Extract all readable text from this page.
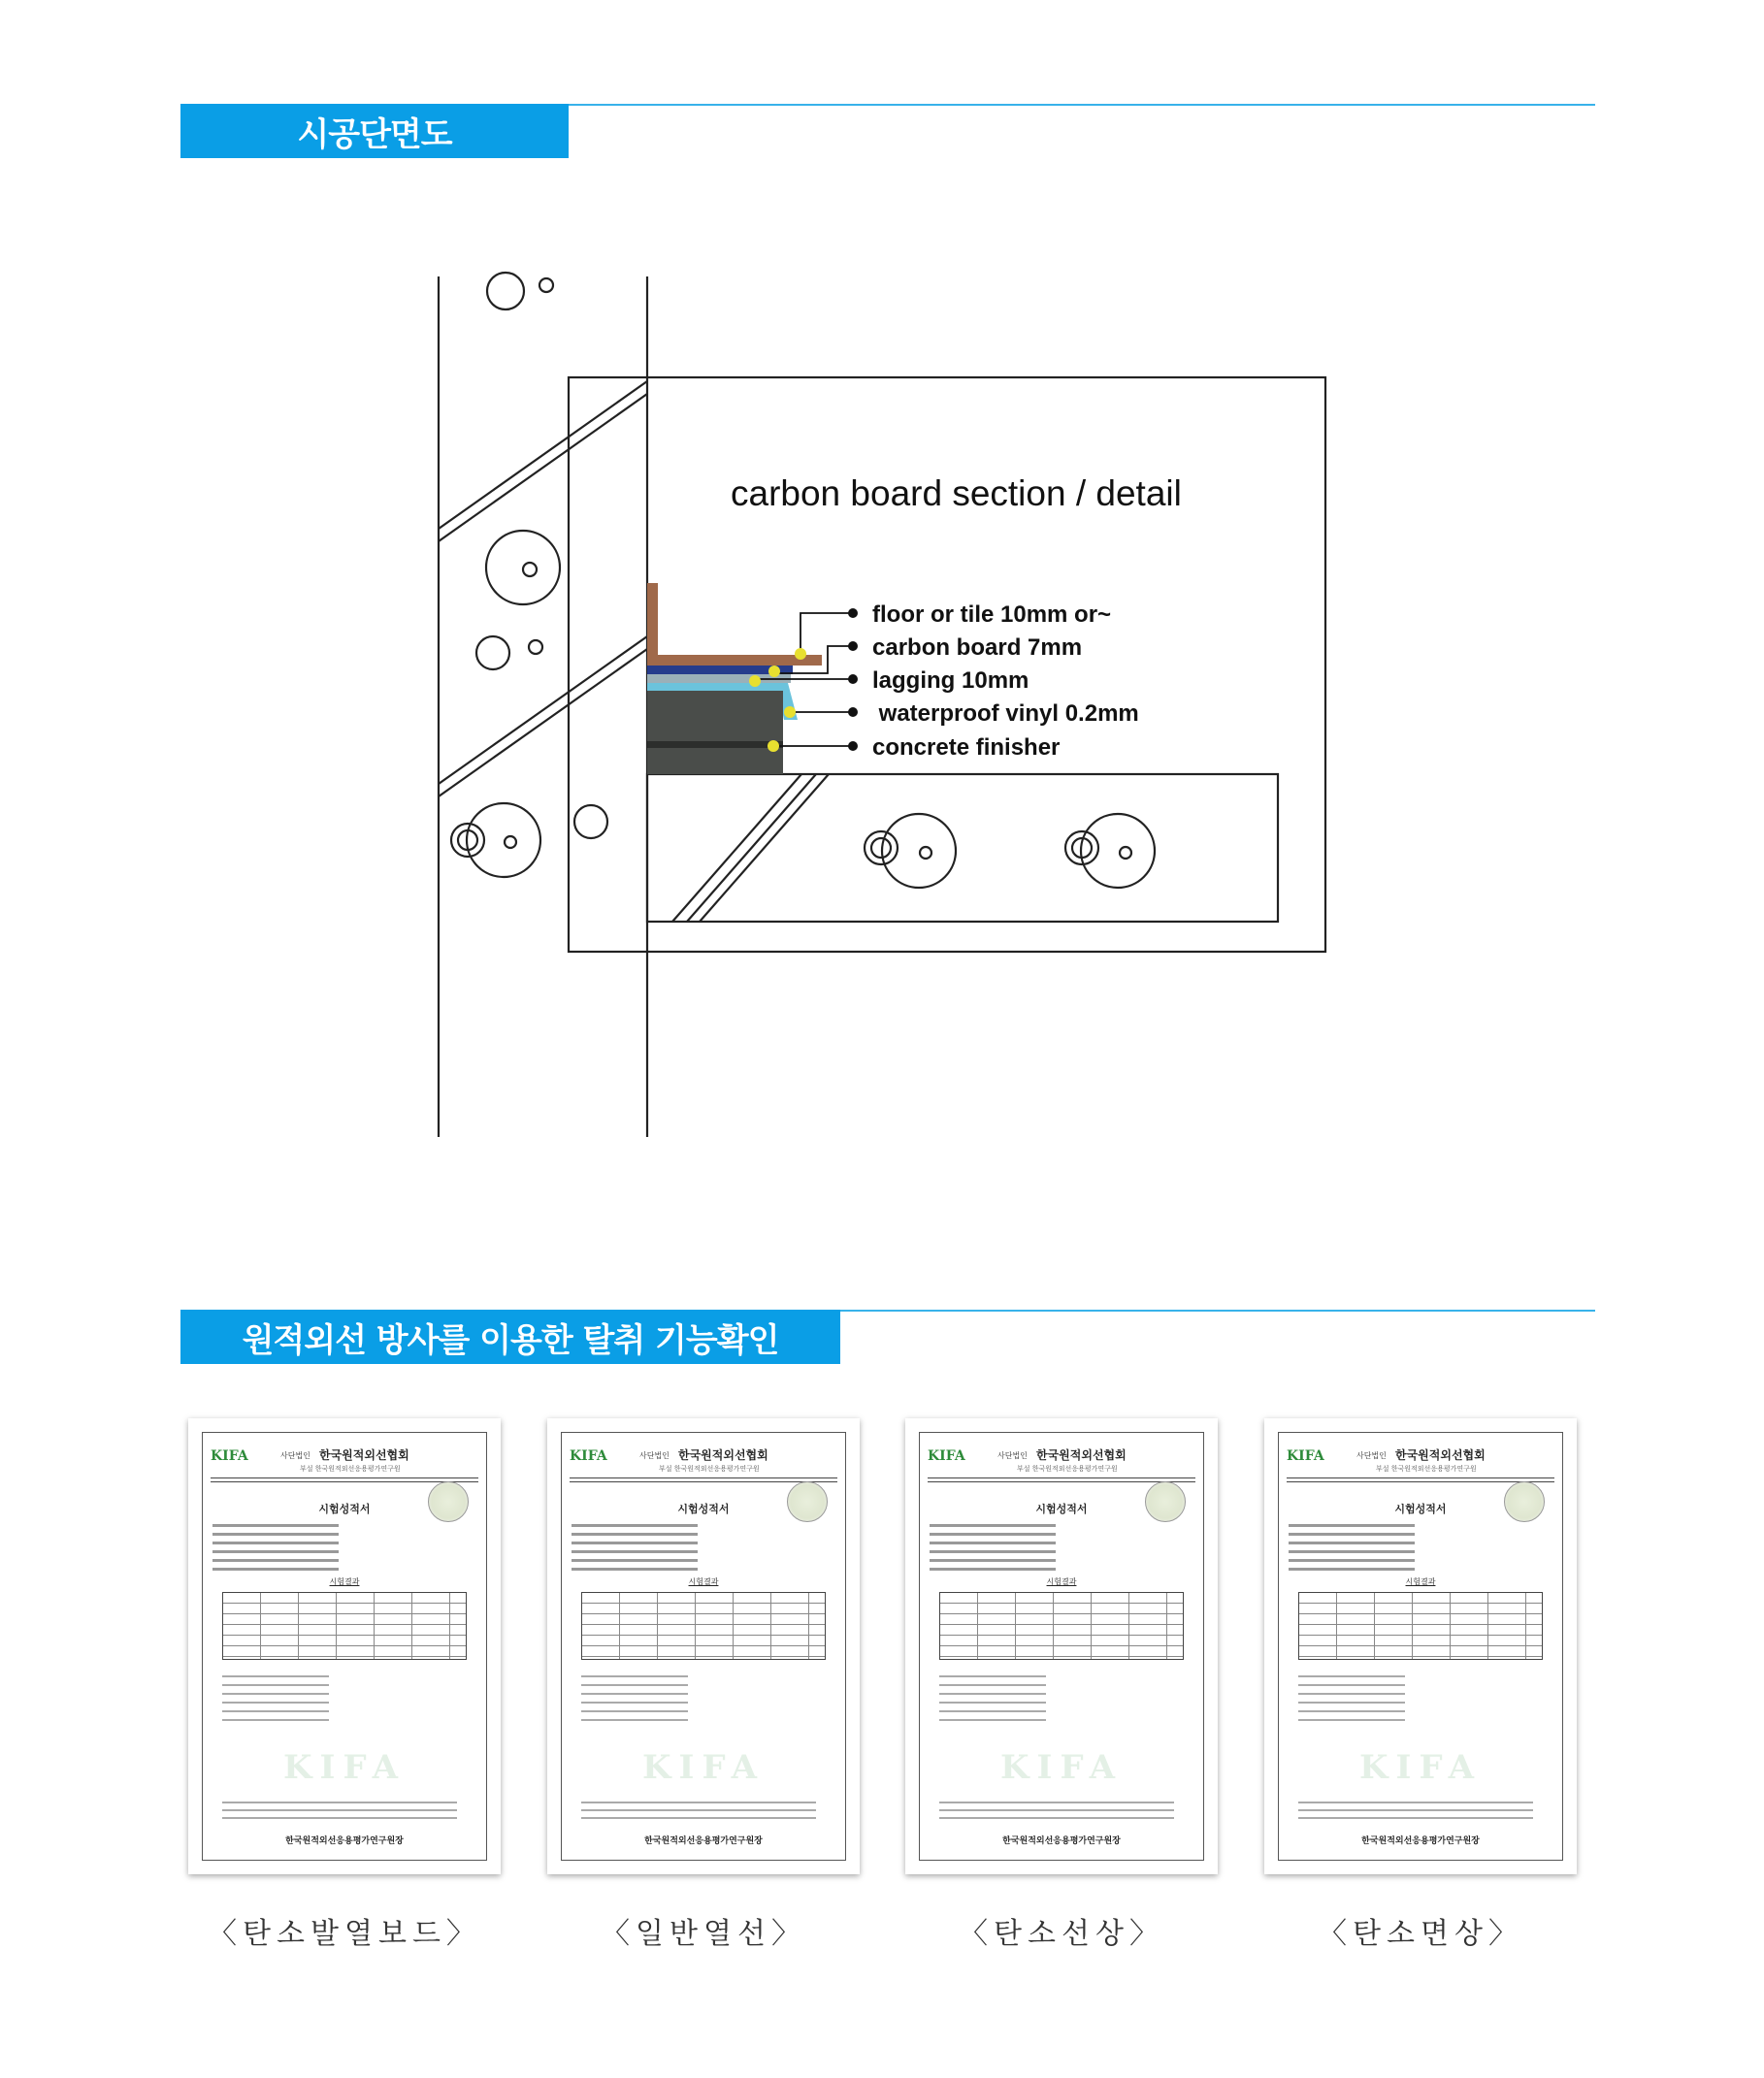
시공단면도
carbon board section / detail
floor or tile 10mm or~
carbon board 7mm
lagging 10mm
waterproof vinyl 0.2mm
concrete finisher
원적외선 방사를 이용한 탈취 기능확인
KIFA	사단법인 한국원적외선협회
부설 한국원적외선응용평가연구원
시험성적서
시험결과
KIFA
한국원적외선응용평가연구원장
KIFA	사단법인 한국원적외선협회
부설 한국원적외선응용평가연구원
시험성적서
시험결과
KIFA
한국원적외선응용평가연구원장
KIFA	사단법인 한국원적외선협회
부설 한국원적외선응용평가연구원
시험성적서
시험결과
KIFA
한국원적외선응용평가연구원장
KIFA	사단법인 한국원적외선협회
부설 한국원적외선응용평가연구원
시험성적서
시험결과
KIFA
한국원적외선응용평가연구원장
〈탄소발열보드〉	〈일반열선〉	〈탄소선상〉	〈탄소면상〉
